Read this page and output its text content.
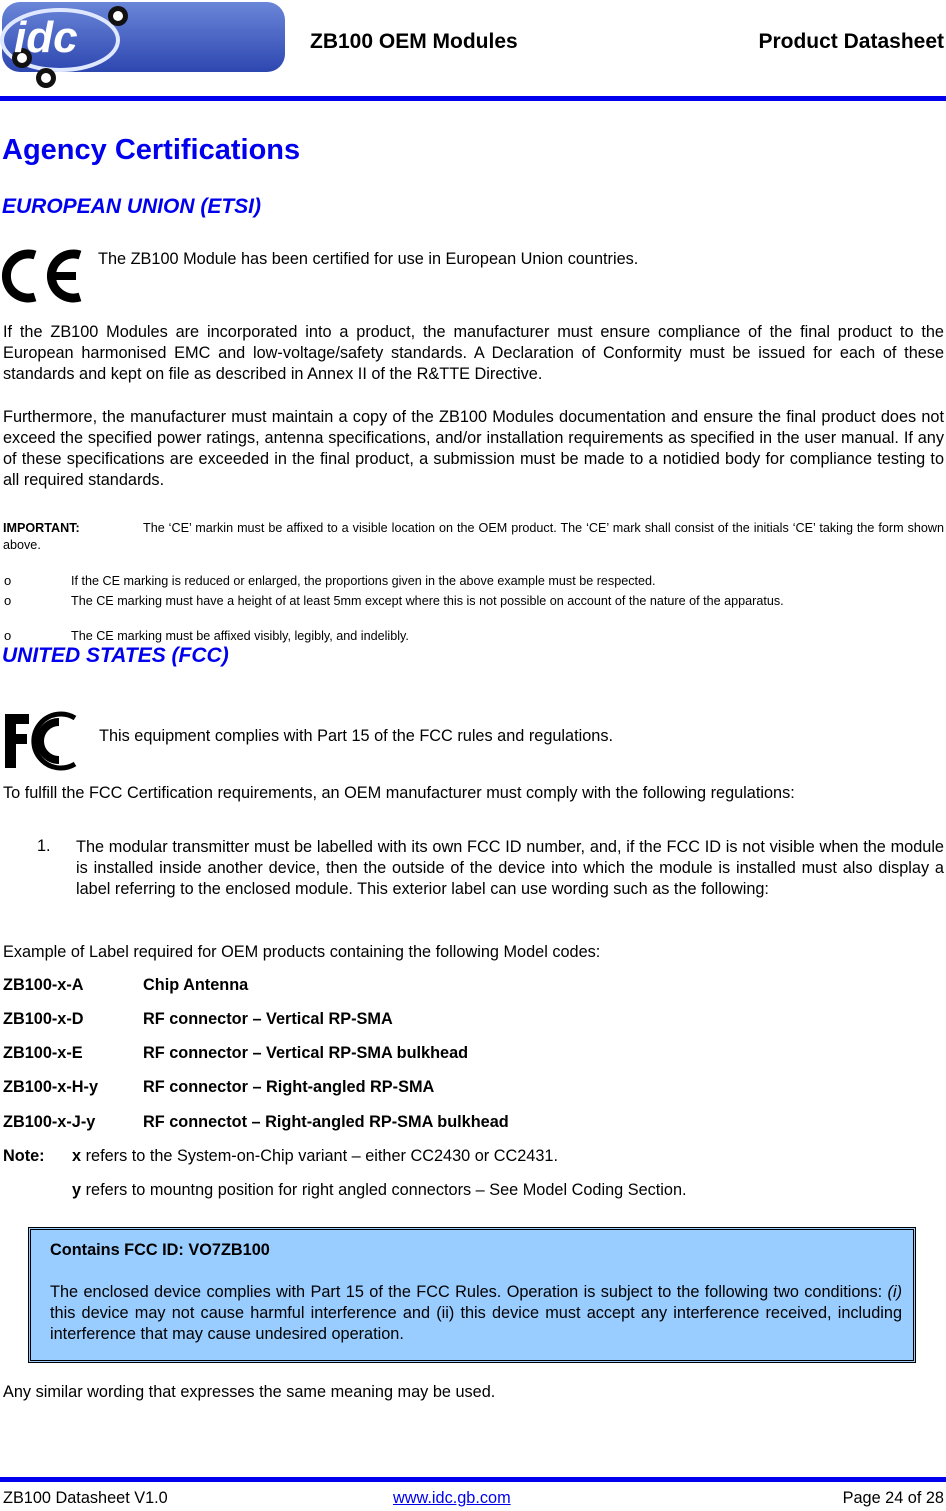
idc	ZB100 OEM Modules	Product Datasheet
Agency Certifications
EUROPEAN UNION (ETSI)

The ZB100 Module has been certified for use in European Union countries.

If the ZB100 Modules are incorporated into a product, the manufacturer must ensure compliance of the final product to the European harmonised EMC and low-voltage/safety standards. A Declaration of Conformity must be issued for each of these standards and kept on file as described in Annex II of the R&TTE Directive.

Furthermore, the manufacturer must maintain a copy of the ZB100 Modules documentation and ensure the final product does not exceed the specified power ratings, antenna specifications, and/or installation requirements as specified in the user manual. If any of these specifications are exceeded in the final product, a submission must be made to a notidied body for compliance testing to all required standards.

IMPORTANT:	The ‘CE’ markin must be affixed to a visible location on the OEM product. The ‘CE’ mark shall consist of the initials ‘CE’ taking the form shown above.

o	If the CE marking is reduced or enlarged, the proportions given in the above example must be respected.
o	The CE marking must have a height of at least 5mm except where this is not possible on account of the nature of the apparatus.
o	The CE marking must be affixed visibly, legibly, and indelibly.
UNITED STATES (FCC)

This equipment complies with Part 15 of the FCC rules and regulations.

To fulfill the FCC Certification requirements, an OEM manufacturer must comply with the following regulations:

1. The modular transmitter must be labelled with its own FCC ID number, and, if the FCC ID is not visible when the module is installed inside another device, then the outside of the device into which the module is installed must also display a label referring to the enclosed module. This exterior label can use wording such as the following:

Example of Label required for OEM products containing the following Model codes:

ZB100-x-A	Chip Antenna
ZB100-x-D	RF connector – Vertical RP-SMA
ZB100-x-E	RF connector – Vertical RP-SMA bulkhead
ZB100-x-H-y	RF connector – Right-angled RP-SMA
ZB100-x-J-y	RF connectot – Right-angled RP-SMA bulkhead
Note: x refers to the System-on-Chip variant – either CC2430 or CC2431.
y refers to mountng position for right angled connectors – See Model Coding Section.
Contains FCC ID: VO7ZB100
The enclosed device complies with Part 15 of the FCC Rules. Operation is subject to the following two conditions: (i) this device may not cause harmful interference and (ii) this device must accept any interference received, including interference that may cause undesired operation.

Any similar wording that expresses the same meaning may be used.

ZB100 Datasheet V1.0	www.idc.gb.com	Page 24 of 28
